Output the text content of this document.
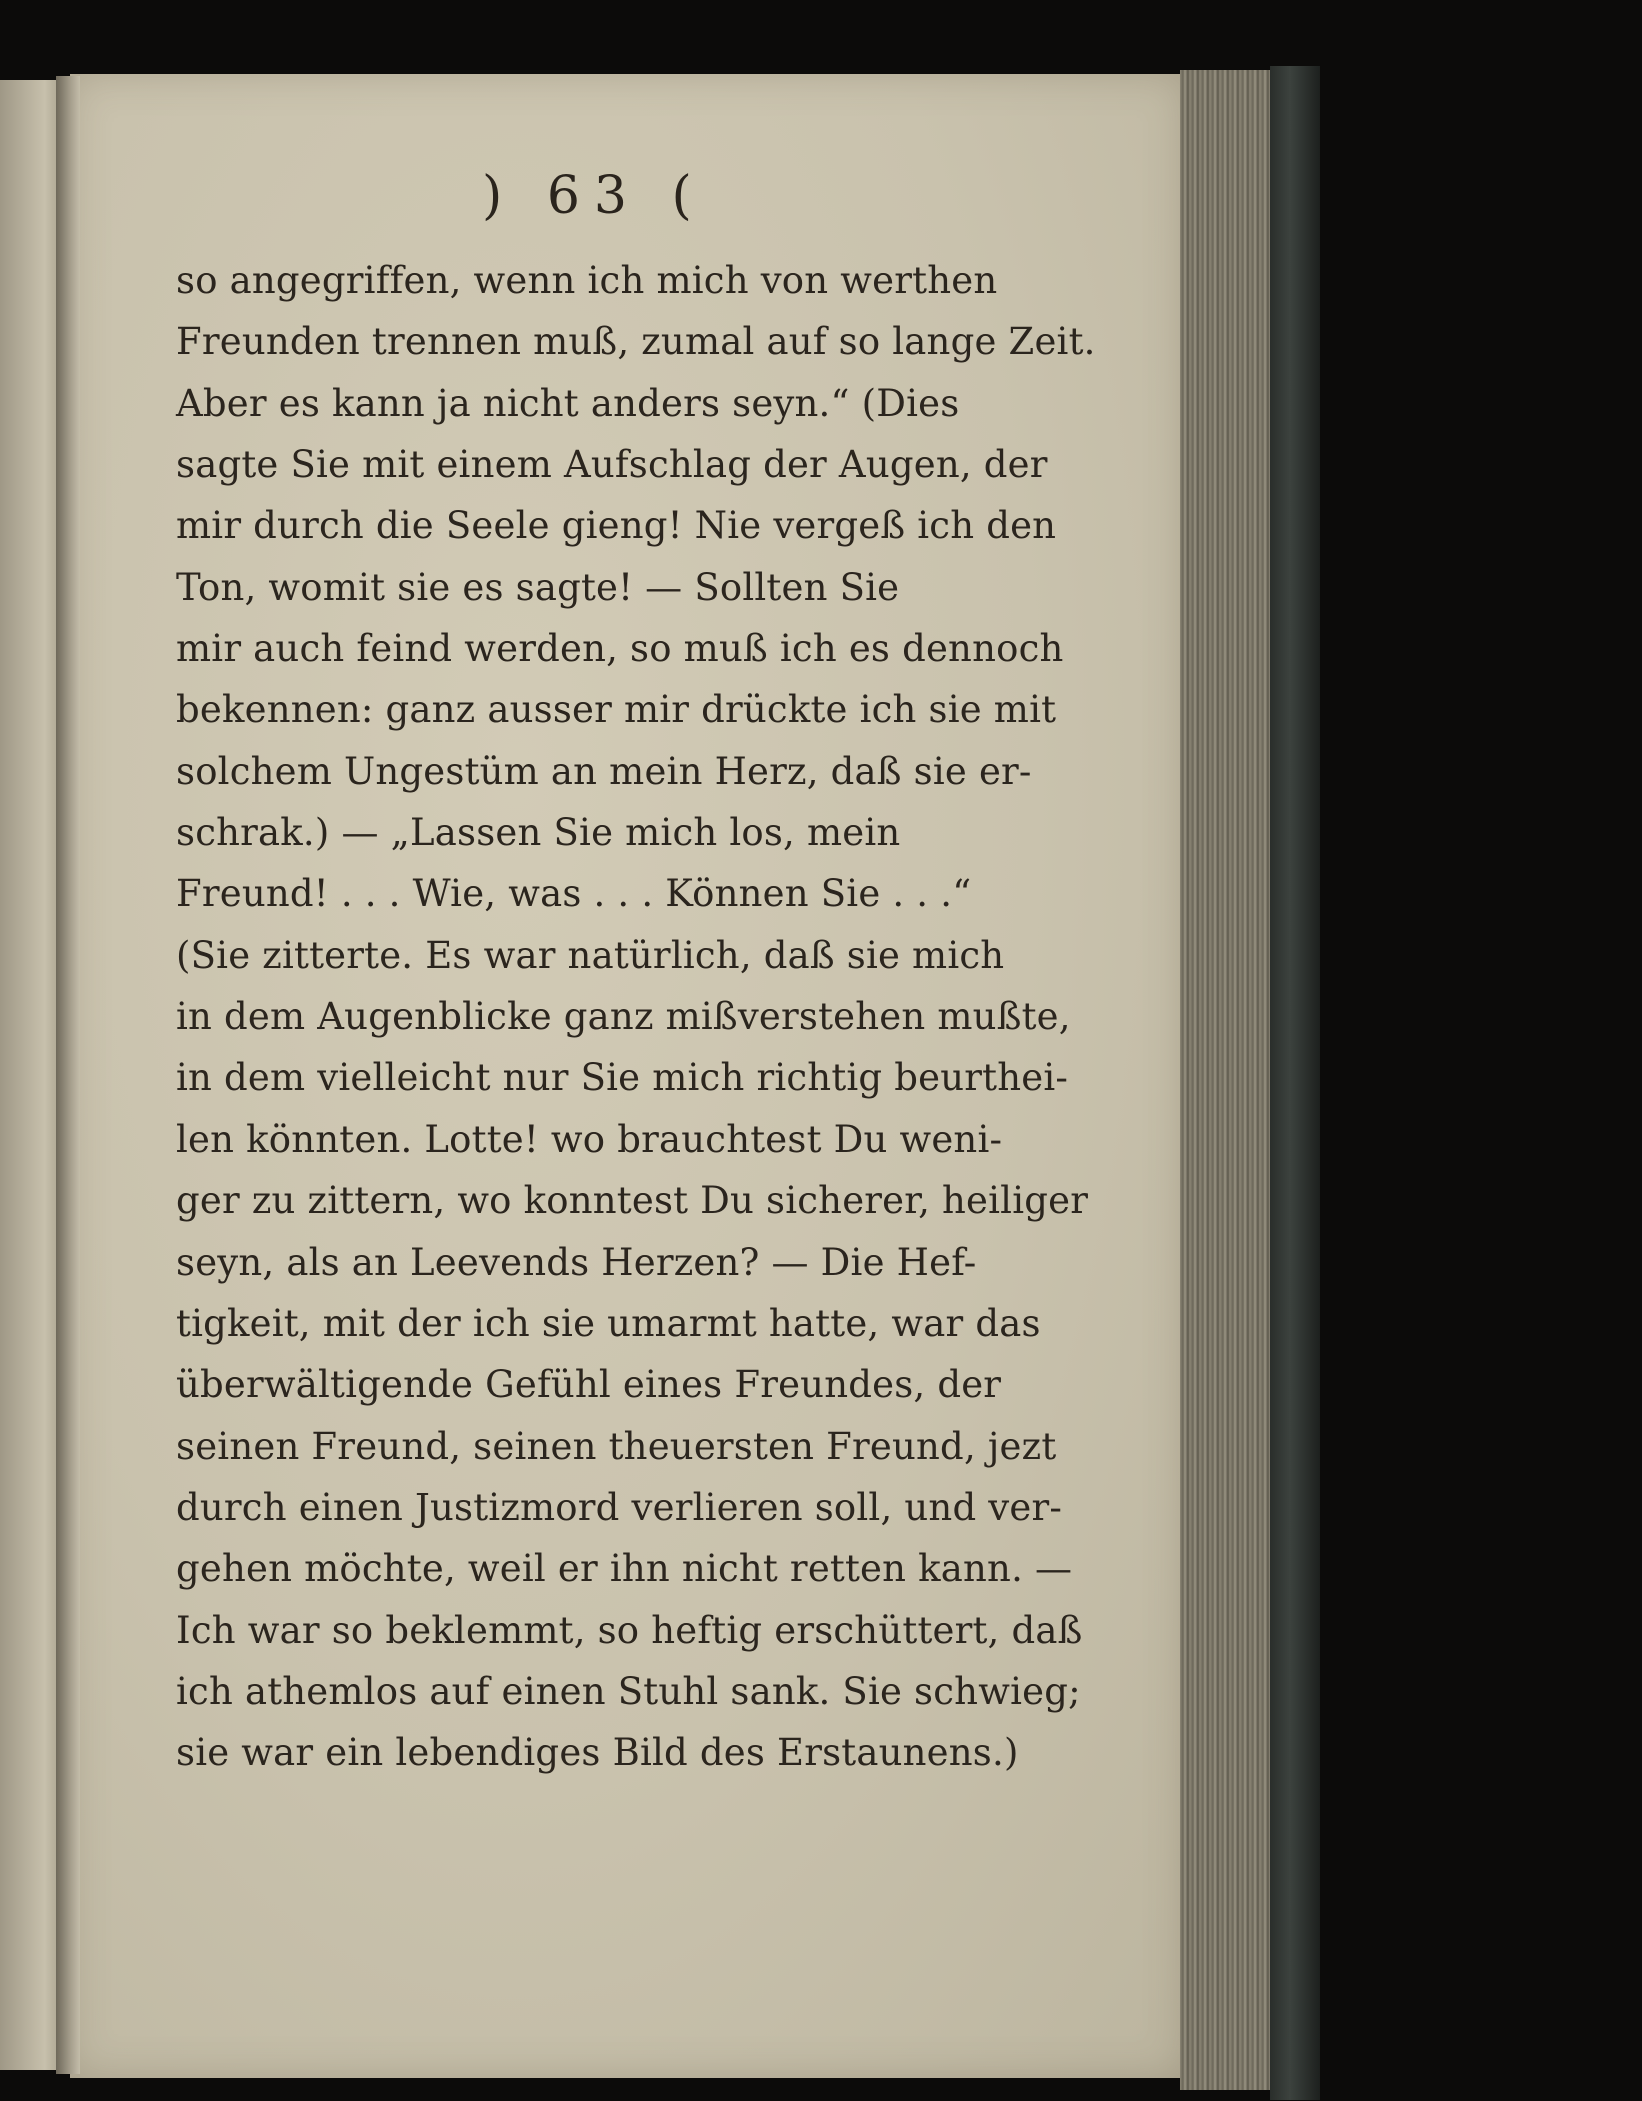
) 63 (
so angegriffen, wenn ich mich von werthen
Freunden trennen muß, zumal auf so lange Zeit.
Aber es kann ja nicht anders seyn.“ (Dies
sagte Sie mit einem Aufschlag der Augen, der
mir durch die Seele gieng! Nie vergeß ich den
Ton, womit sie es sagte! — Sollten Sie
mir auch feind werden, so muß ich es dennoch
bekennen: ganz ausser mir drückte ich sie mit
solchem Ungestüm an mein Herz, daß sie er-
schrak.) — „Lassen Sie mich los, mein
Freund! . . . Wie, was . . . Können Sie . . .“
(Sie zitterte. Es war natürlich, daß sie mich
in dem Augenblicke ganz mißverstehen mußte,
in dem vielleicht nur Sie mich richtig beurthei-
len könnten. Lotte! wo brauchtest Du weni-
ger zu zittern, wo konntest Du sicherer, heiliger
seyn, als an Leevends Herzen? — Die Hef-
tigkeit, mit der ich sie umarmt hatte, war das
überwältigende Gefühl eines Freundes, der
seinen Freund, seinen theuersten Freund, jezt
durch einen Justizmord verlieren soll, und ver-
gehen möchte, weil er ihn nicht retten kann. —
Ich war so beklemmt, so heftig erschüttert, daß
ich athemlos auf einen Stuhl sank. Sie schwieg;
sie war ein lebendiges Bild des Erstaunens.)
